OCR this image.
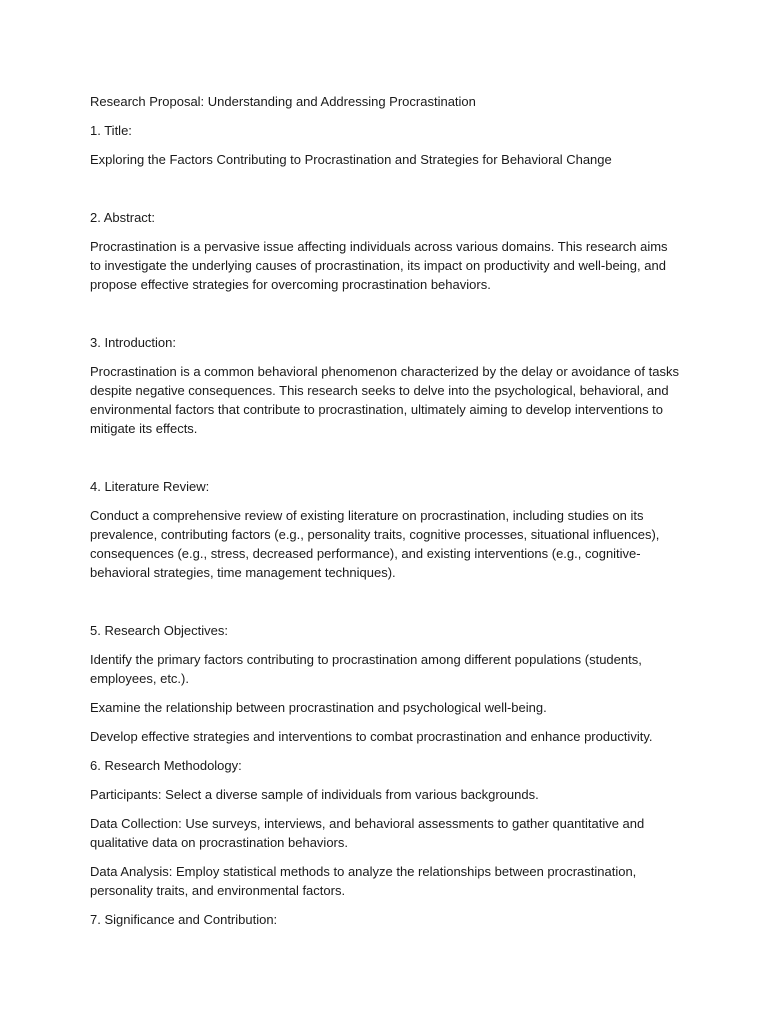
Research Proposal: Understanding and Addressing Procrastination

1. Title:

Exploring the Factors Contributing to Procrastination and Strategies for Behavioral Change

2. Abstract:

Procrastination is a pervasive issue affecting individuals across various domains. This research aims to investigate the underlying causes of procrastination, its impact on productivity and well-being, and propose effective strategies for overcoming procrastination behaviors.

3. Introduction:

Procrastination is a common behavioral phenomenon characterized by the delay or avoidance of tasks despite negative consequences. This research seeks to delve into the psychological, behavioral, and environmental factors that contribute to procrastination, ultimately aiming to develop interventions to mitigate its effects.

4. Literature Review:

Conduct a comprehensive review of existing literature on procrastination, including studies on its prevalence, contributing factors (e.g., personality traits, cognitive processes, situational influences), consequences (e.g., stress, decreased performance), and existing interventions (e.g., cognitive-behavioral strategies, time management techniques).

5. Research Objectives:

Identify the primary factors contributing to procrastination among different populations (students, employees, etc.).

Examine the relationship between procrastination and psychological well-being.

Develop effective strategies and interventions to combat procrastination and enhance productivity.

6. Research Methodology:

Participants: Select a diverse sample of individuals from various backgrounds.

Data Collection: Use surveys, interviews, and behavioral assessments to gather quantitative and qualitative data on procrastination behaviors.

Data Analysis: Employ statistical methods to analyze the relationships between procrastination, personality traits, and environmental factors.

7. Significance and Contribution:
